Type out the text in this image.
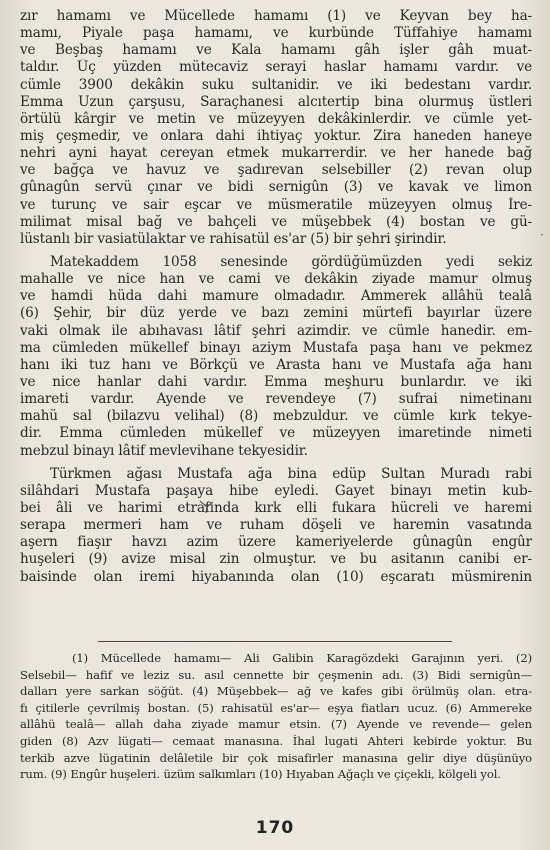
zır hamamı ve Mücellede hamamı (1) ve Keyvan bey ha-
mamı, Piyale paşa hamamı, ve kurbünde Tüffahiye hamamı
ve Beşbaş hamamı ve Kala hamamı gâh işler gâh muat-
taldır. Üç yüzden mütecaviz serayi haslar hamamı vardır. ve
cümle 3900 dekâkin suku sultanidir. ve iki bedestanı vardır.
Emma Uzun çarşusu, Saraçhanesi alcıtertip bina olurmuş üstleri
örtülü kârgir ve metin ve müzeyyen dekâkinlerdir. ve cümle yet-
miş çeşmedir, ve onlara dahi ihtiyaç yoktur. Zira haneden haneye
nehri ayni hayat cereyan etmek mukarrerdir. ve her hanede bağ
ve bağça ve havuz ve şadırevan selsebiller (2) revan olup
gûnagûn servü çınar ve bidi sernigûn (3) ve kavak ve limon
ve turunç ve sair eşcar ve müsmeratile müzeyyen olmuş İre-
milimat misal bağ ve bahçeli ve müşebbek (4) bostan ve gü-
lüstanlı bir vasiatülaktar ve rahisatül es'ar (5) bir şehri şirindir.
Matekaddem 1058 senesinde gördüğümüzden yedi sekiz
mahalle ve nice han ve cami ve dekâkin ziyade mamur olmuş
ve hamdi hüda dahi mamure olmadadır. Ammerek allâhü tealâ
(6) Şehir, bir düz yerde ve bazı zemini mürtefi bayırlar üzere
vaki olmak ile abıhavası lâtif şehri azimdir. ve cümle hanedir. em-
ma cümleden mükellef binayı aziym Mustafa paşa hanı ve pekmez
hanı iki tuz hanı ve Börkçü ve Arasta hanı ve Mustafa ağa hanı
ve nice hanlar dahi vardır. Emma meşhuru bunlardır. ve iki
imareti vardır. Ayende ve revendeye (7) sufrai nimetinanı
mahü sal (bilazvu velihal) (8) mebzuldur. ve cümle kırk tekye-
dir. Emma cümleden mükellef ve müzeyyen imaretinde nimeti
mebzul binayı lâtif mevlevihane tekyesidir.
Türkmen ağası Mustafa ağa bina edüp Sultan Muradı rabi
silâhdari Mustafa paşaya hibe eyledi. Gayet binayı metin kub-
bei âli ve harimi etrafında kırk elli fukara hücreli ve haremi
serapa mermeri ham ve ruham döşeli ve haremin vasatında
aşern fiaşır havzı azim üzere kameriyelerde gûnagûn engûr
huşeleri (9) avize misal zin olmuştur. ve bu asitanın canibi er-
baisinde olan iremi hiyabanında olan (10) eşcaratı müsmirenin
·
(1) Mücellede hamamı— Ali Galibin Karagözdeki Garajının yeri. (2)
Selsebil— hafif ve leziz su. asıl cennette bir çeşmenin adı. (3) Bidi sernigûn—
dalları yere sarkan söğüt. (4) Müşebbek— ağ ve kafes gibi örülmüş olan. etra-
fı çitilerle çevrilmiş bostan. (5) rahisatül es'ar— eşya fiatları ucuz. (6) Ammereke
allâhü tealâ— allah daha ziyade mamur etsin. (7) Ayende ve revende— gelen
giden (8) Azv lügati— cemaat manasına. İhal lugati Ahteri kebirde yoktur. Bu
terkib azve lügatinin delâletile bir çok misafirler manasına gelir diye düşünüyo
rum. (9) Engûr huşeleri. üzüm salkımları (10) Hıyaban Ağaçlı ve çiçekli, kölgeli yol.
170
